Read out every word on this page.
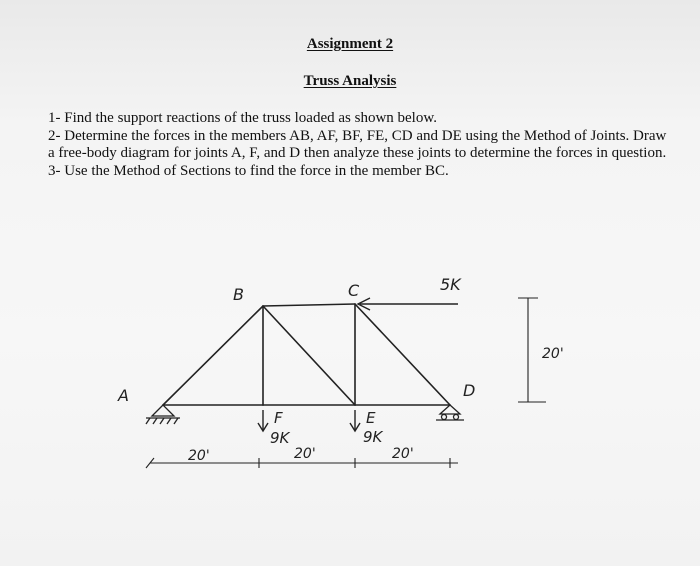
Assignment 2
Truss Analysis

1- Find the support reactions of the truss loaded as shown below.

2- Determine the forces in the members AB, AF, BF, FE, CD and DE using the Method of Joints. Draw a free-body diagram for joints A, F, and D then analyze these joints to determine the forces in question.

3- Use the Method of Sections to find the force in the member BC.

A
B	C
D
E
F
5K
9K	9K
20'	20'	20'
20'
